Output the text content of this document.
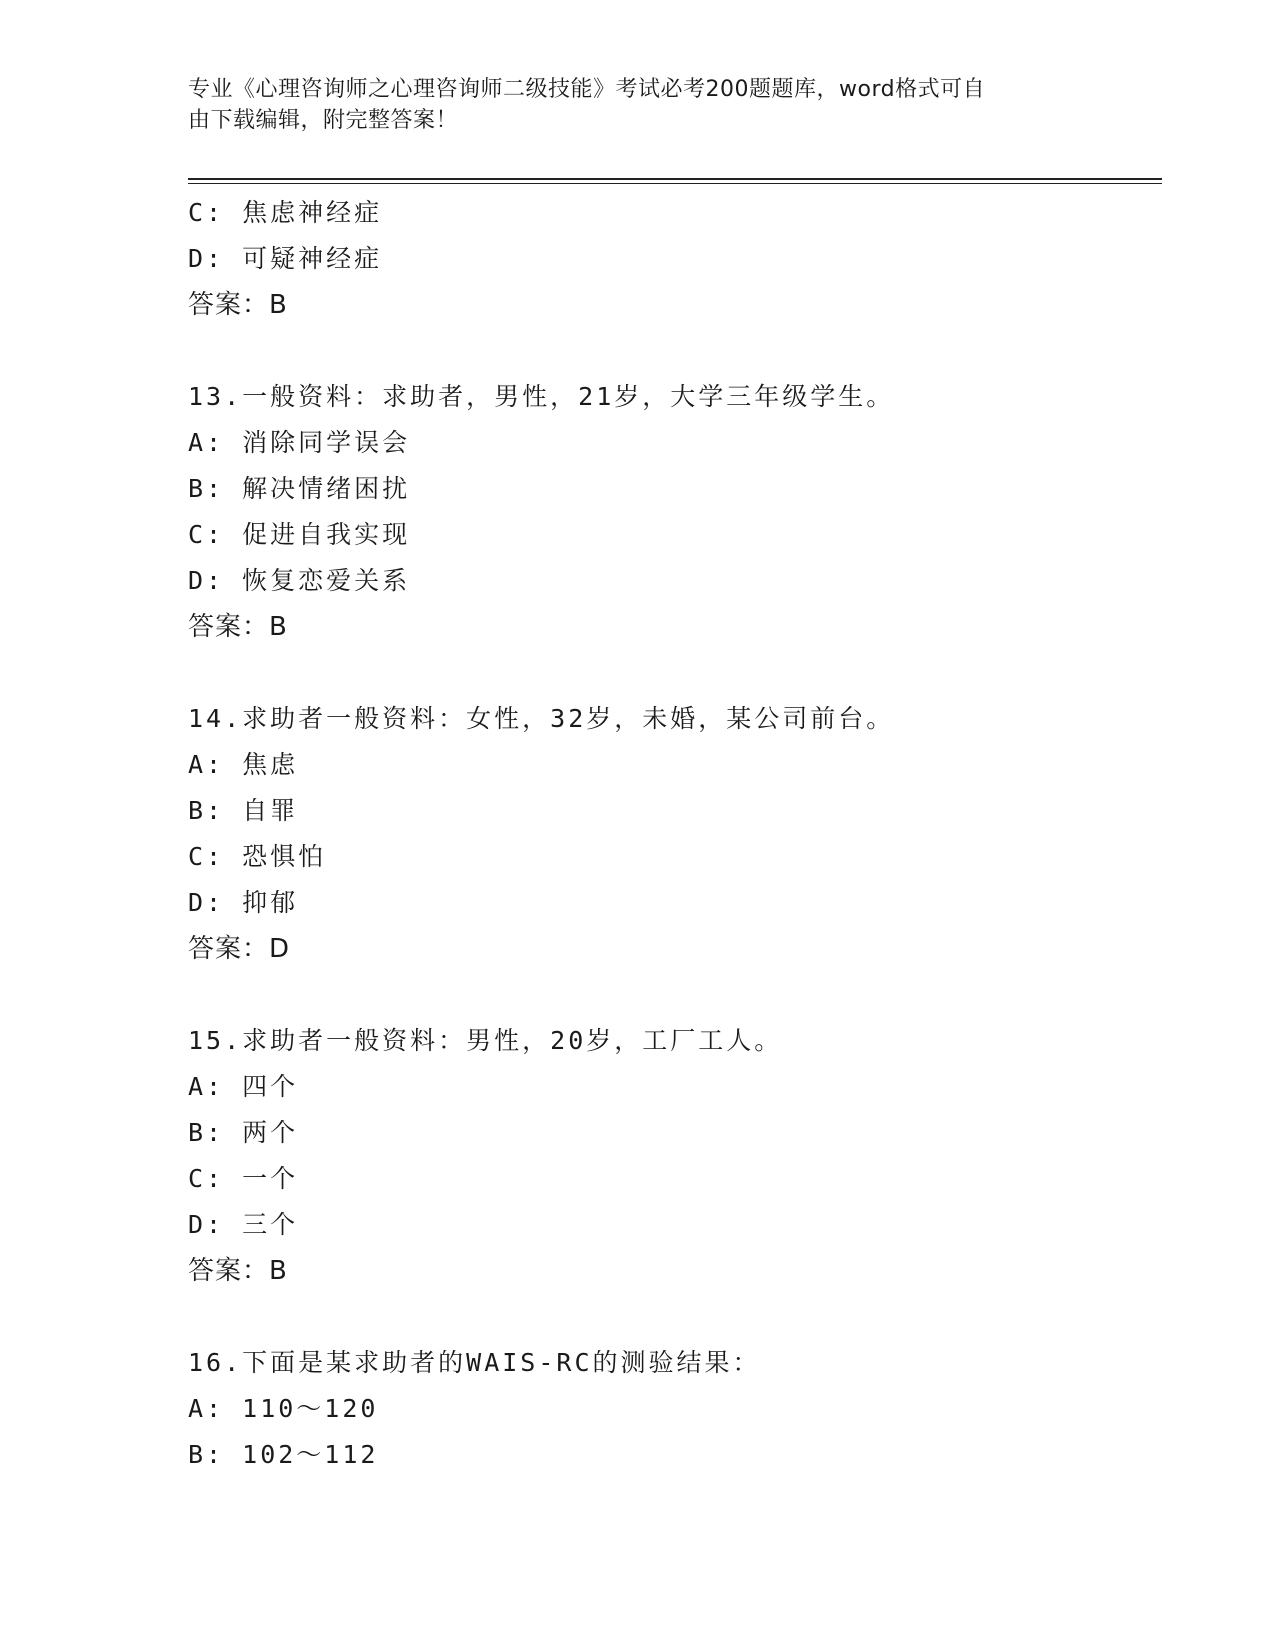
专业《心理咨询师之心理咨询师二级技能》考试必考200题题库，word格式可自
由下载编辑，附完整答案！
C: 焦虑神经症
D: 可疑神经症
答案：B
13.一般资料：求助者，男性，21岁，大学三年级学生。
A: 消除同学误会
B: 解决情绪困扰
C: 促进自我实现
D: 恢复恋爱关系
答案：B
14.求助者一般资料：女性，32岁，未婚，某公司前台。
A: 焦虑
B: 自罪
C: 恐惧怕
D: 抑郁
答案：D
15.求助者一般资料：男性，20岁，工厂工人。
A: 四个
B: 两个
C: 一个
D: 三个
答案：B
16.下面是某求助者的WAIS-RC的测验结果：
A: 110～120
B: 102～112
